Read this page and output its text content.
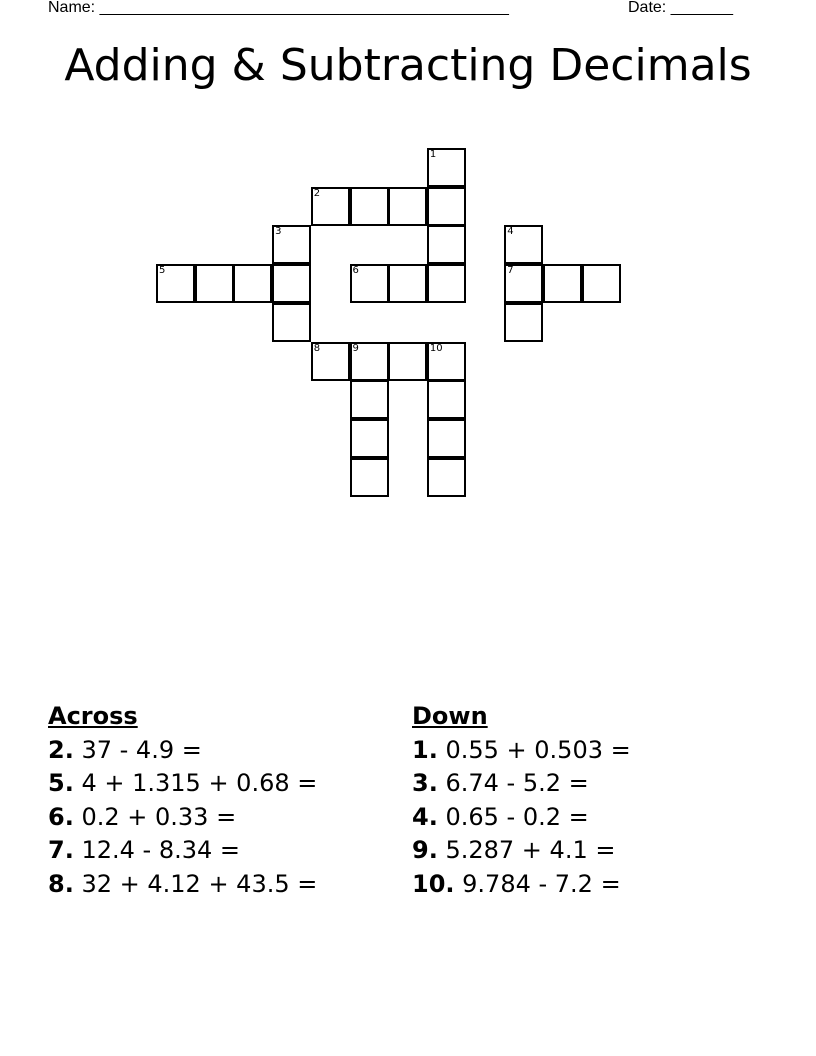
Name: ______________________________________________	Date: _______
Adding & Subtracting Decimals
1
2
3	4
7
5	6
8	9	10
Across
2. 37 - 4.9 =
5. 4 + 1.315 + 0.68 =
6. 0.2 + 0.33 =
7. 12.4 - 8.34 =
8. 32 + 4.12 + 43.5 =
Down
1. 0.55 + 0.503 =
3. 6.74 - 5.2 =
4. 0.65 - 0.2 =
9. 5.287 + 4.1 =
10. 9.784 - 7.2 =
